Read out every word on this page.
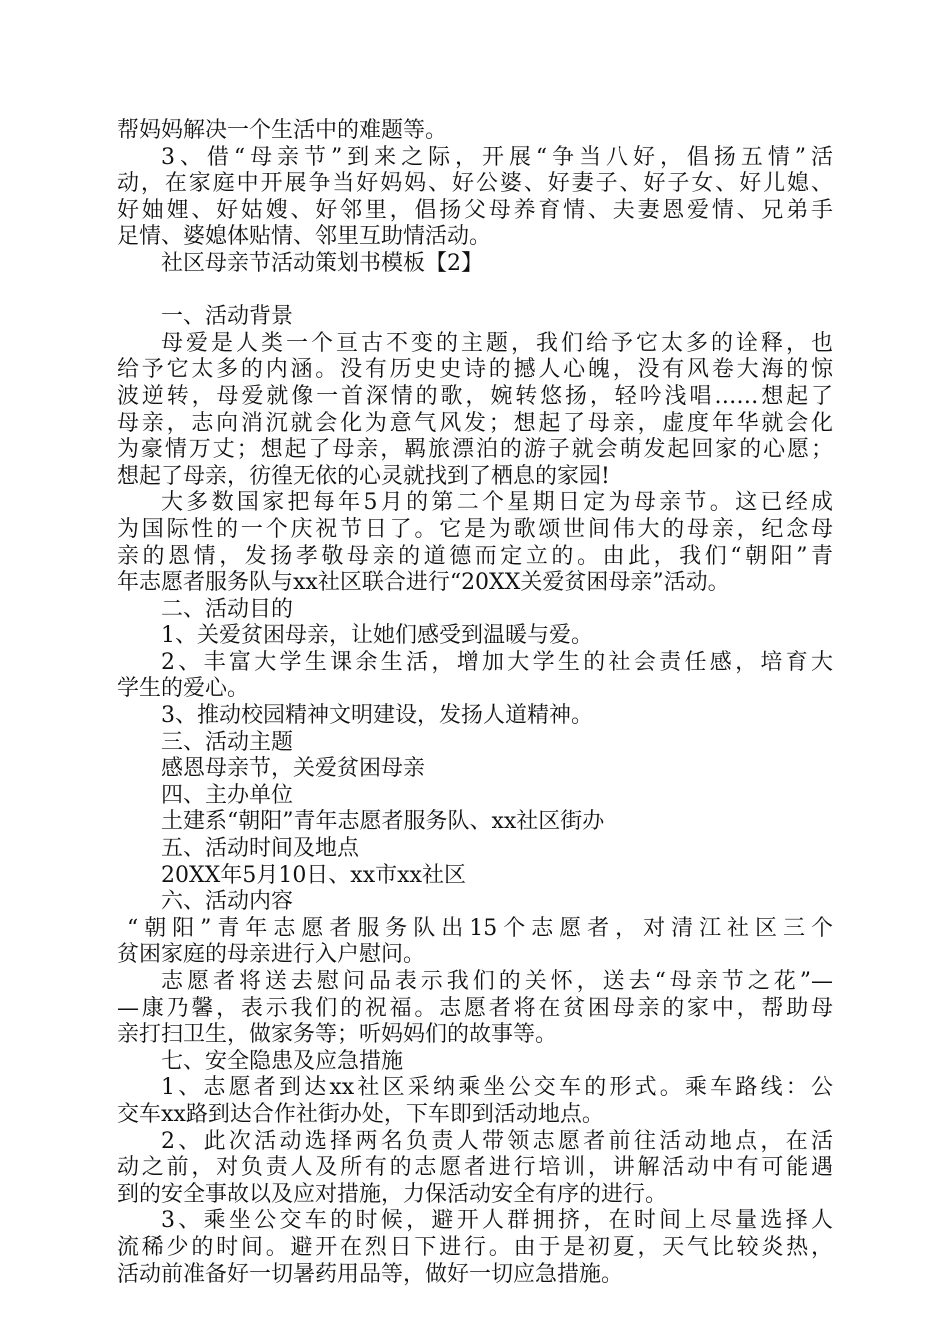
帮妈妈解决一个生活中的难题等。
3、借“母亲节”到来之际，开展“争当八好，倡扬五情”活
动，在家庭中开展争当好妈妈、好公婆、好妻子、好子女、好儿媳、
好妯娌、好姑嫂、好邻里，倡扬父母养育情、夫妻恩爱情、兄弟手
足情、婆媳体贴情、邻里互助情活动。
社区母亲节活动策划书模板【2】
一、活动背景
母爱是人类一个亘古不变的主题，我们给予它太多的诠释，也
给予它太多的内涵。没有历史史诗的撼人心魄，没有风卷大海的惊
波逆转，母爱就像一首深情的歌，婉转悠扬，轻吟浅唱……想起了
母亲，志向消沉就会化为意气风发；想起了母亲，虚度年华就会化
为豪情万丈；想起了母亲，羁旅漂泊的游子就会萌发起回家的心愿；
想起了母亲，彷徨无依的心灵就找到了栖息的家园!
大多数国家把每年5月的第二个星期日定为母亲节。这已经成
为国际性的一个庆祝节日了。它是为歌颂世间伟大的母亲，纪念母
亲的恩情，发扬孝敬母亲的道德而定立的。由此，我们“朝阳”青
年志愿者服务队与xx社区联合进行“20XX关爱贫困母亲”活动。
二、活动目的
1、关爱贫困母亲，让她们感受到温暖与爱。
2、丰富大学生课余生活，增加大学生的社会责任感，培育大
学生的爱心。
3、推动校园精神文明建设，发扬人道精神。
三、活动主题
感恩母亲节，关爱贫困母亲
四、主办单位
土建系“朝阳”青年志愿者服务队、xx社区街办
五、活动时间及地点
20XX年5月10日、xx市xx社区
六、活动内容
“朝阳”青年志愿者服务队出15个志愿者，对清江社区三个
贫困家庭的母亲进行入户慰问。
志愿者将送去慰问品表示我们的关怀，送去“母亲节之花”—
—康乃馨，表示我们的祝福。志愿者将在贫困母亲的家中，帮助母
亲打扫卫生，做家务等；听妈妈们的故事等。
七、安全隐患及应急措施
1、志愿者到达xx社区采纳乘坐公交车的形式。乘车路线：公
交车xx路到达合作社街办处，下车即到活动地点。
2、此次活动选择两名负责人带领志愿者前往活动地点，在活
动之前，对负责人及所有的志愿者进行培训，讲解活动中有可能遇
到的安全事故以及应对措施，力保活动安全有序的进行。
3、乘坐公交车的时候，避开人群拥挤，在时间上尽量选择人
流稀少的时间。避开在烈日下进行。由于是初夏，天气比较炎热，
活动前准备好一切暑药用品等，做好一切应急措施。
